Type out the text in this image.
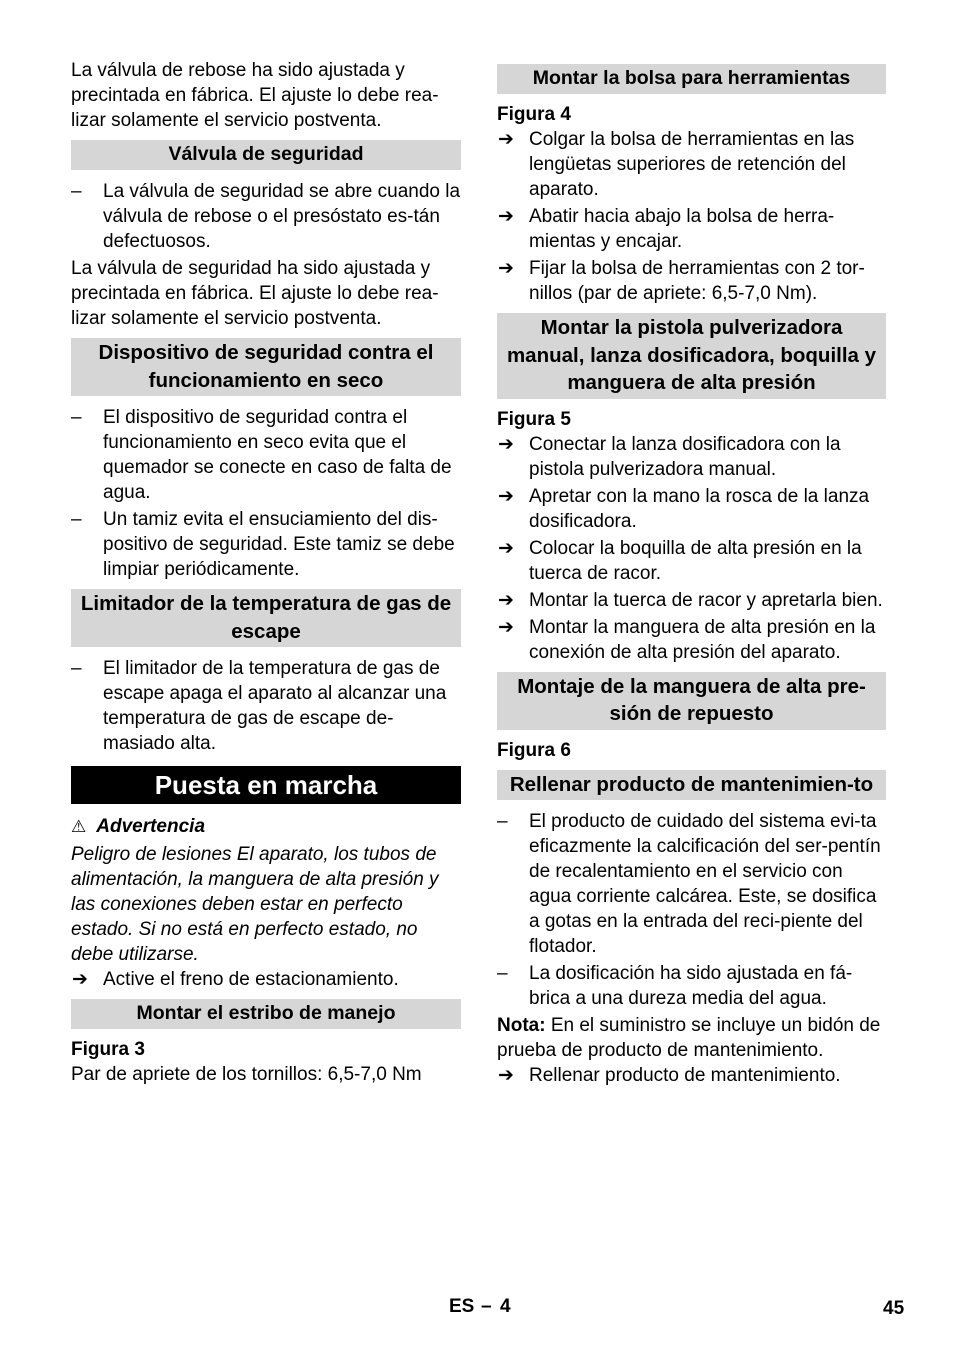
La válvula de rebose ha sido ajustada y precintada en fábrica. El ajuste lo debe rea-lizar solamente el servicio postventa.

Válvula de seguridad
– La válvula de seguridad se abre cuando la válvula de rebose o el presóstato es-tán defectuosos.

La válvula de seguridad ha sido ajustada y precintada en fábrica. El ajuste lo debe rea-lizar solamente el servicio postventa.

Dispositivo de seguridad contra el funcionamiento en seco
– El dispositivo de seguridad contra el funcionamiento en seco evita que el quemador se conecte en caso de falta de agua.
– Un tamiz evita el ensuciamiento del dis-positivo de seguridad. Este tamiz se debe limpiar periódicamente.
Limitador de la temperatura de gas de escape
– El limitador de la temperatura de gas de escape apaga el aparato al alcanzar una temperatura de gas de escape de-masiado alta.
Puesta en marcha
⚠ Advertencia

Peligro de lesiones El aparato, los tubos de alimentación, la manguera de alta presión y las conexiones deben estar en perfecto estado. Si no está en perfecto estado, no debe utilizarse.

➔ Active el freno de estacionamiento.
Montar el estribo de manejo
Figura 3

Par de apriete de los tornillos: 6,5-7,0 Nm

Montar la bolsa para herramientas
Figura 4
➔ Colgar la bolsa de herramientas en las lengüetas superiores de retención del aparato.
➔ Abatir hacia abajo la bolsa de herra-mientas y encajar.
➔ Fijar la bolsa de herramientas con 2 tor-nillos (par de apriete: 6,5-7,0 Nm).
Montar la pistola pulverizadora manual, lanza dosificadora, boquilla y manguera de alta presión
Figura 5
➔ Conectar la lanza dosificadora con la pistola pulverizadora manual.
➔ Apretar con la mano la rosca de la lanza dosificadora.
➔ Colocar la boquilla de alta presión en la tuerca de racor.
➔ Montar la tuerca de racor y apretarla bien.
➔ Montar la manguera de alta presión en la conexión de alta presión del aparato.
Montaje de la manguera de alta pre-sión de repuesto
Figura 6
Rellenar producto de mantenimien-to
– El producto de cuidado del sistema evi-ta eficazmente la calcificación del ser-pentín de recalentamiento en el servicio con agua corriente calcárea. Este, se dosifica a gotas en la entrada del reci-piente del flotador.
– La dosificación ha sido ajustada en fá-brica a una dureza media del agua.

Nota: En el suministro se incluye un bidón de prueba de producto de mantenimiento.

➔ Rellenar producto de mantenimiento.
ES – 4	45
